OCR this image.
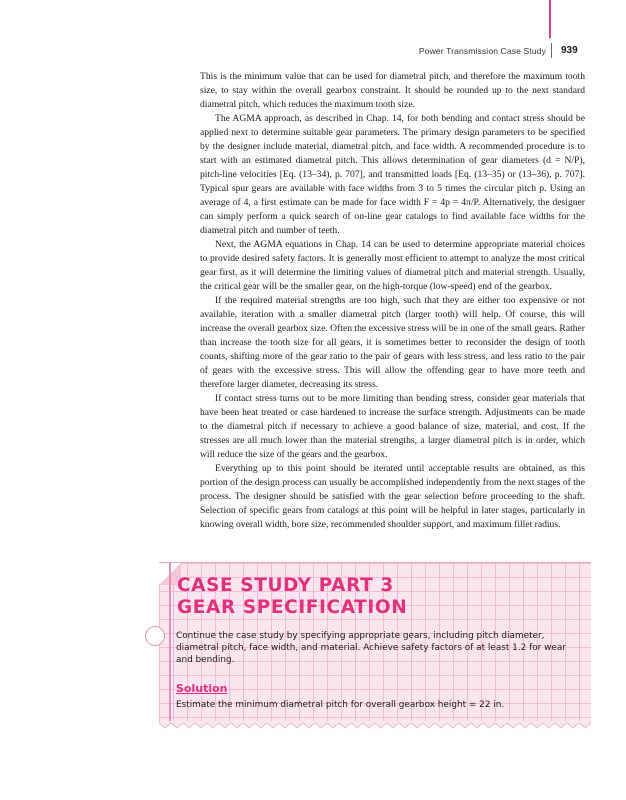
Power Transmission Case Study 939

This is the minimum value that can be used for diametral pitch, and therefore the maximum tooth size, to stay within the overall gearbox constraint. It should be rounded up to the next standard diametral pitch, which reduces the maximum tooth size.

The AGMA approach, as described in Chap. 14, for both bending and contact stress should be applied next to determine suitable gear parameters. The primary design parameters to be specified by the designer include material, diametral pitch, and face width. A recommended procedure is to start with an estimated diametral pitch. This allows determination of gear diameters (d = N/P), pitch-line velocities [Eq. (13–34), p. 707], and transmitted loads [Eq. (13–35) or (13–36), p. 707]. Typical spur gears are available with face widths from 3 to 5 times the circular pitch p. Using an average of 4, a first estimate can be made for face width F = 4p = 4π/P. Alternatively, the designer can simply perform a quick search of on-line gear catalogs to find available face widths for the diametral pitch and number of teeth.

Next, the AGMA equations in Chap. 14 can be used to determine appropriate material choices to provide desired safety factors. It is generally most efficient to attempt to analyze the most critical gear first, as it will determine the limiting values of diametral pitch and material strength. Usually, the critical gear will be the smaller gear, on the high-torque (low-speed) end of the gearbox.

If the required material strengths are too high, such that they are either too expensive or not available, iteration with a smaller diametral pitch (larger tooth) will help. Of course, this will increase the overall gearbox size. Often the excessive stress will be in one of the small gears. Rather than increase the tooth size for all gears, it is sometimes better to reconsider the design of tooth counts, shifting more of the gear ratio to the pair of gears with less stress, and less ratio to the pair of gears with the excessive stress. This will allow the offending gear to have more teeth and therefore larger diameter, decreasing its stress.

If contact stress turns out to be more limiting than bending stress, consider gear materials that have been heat treated or case hardened to increase the surface strength. Adjustments can be made to the diametral pitch if necessary to achieve a good balance of size, material, and cost. If the stresses are all much lower than the material strengths, a larger diametral pitch is in order, which will reduce the size of the gears and the gearbox.

Everything up to this point should be iterated until acceptable results are obtained, as this portion of the design process can usually be accomplished independently from the next stages of the process. The designer should be satisfied with the gear selection before proceeding to the shaft. Selection of specific gears from catalogs at this point will be helpful in later stages, particularly in knowing overall width, bore size, recommended shoulder support, and maximum fillet radius.

CASE STUDY PART 3
GEAR SPECIFICATION
Continue the case study by specifying appropriate gears, including pitch diameter, diametral pitch, face width, and material. Achieve safety factors of at least 1.2 for wear and bending.
Solution
Estimate the minimum diametral pitch for overall gearbox height = 22 in.
